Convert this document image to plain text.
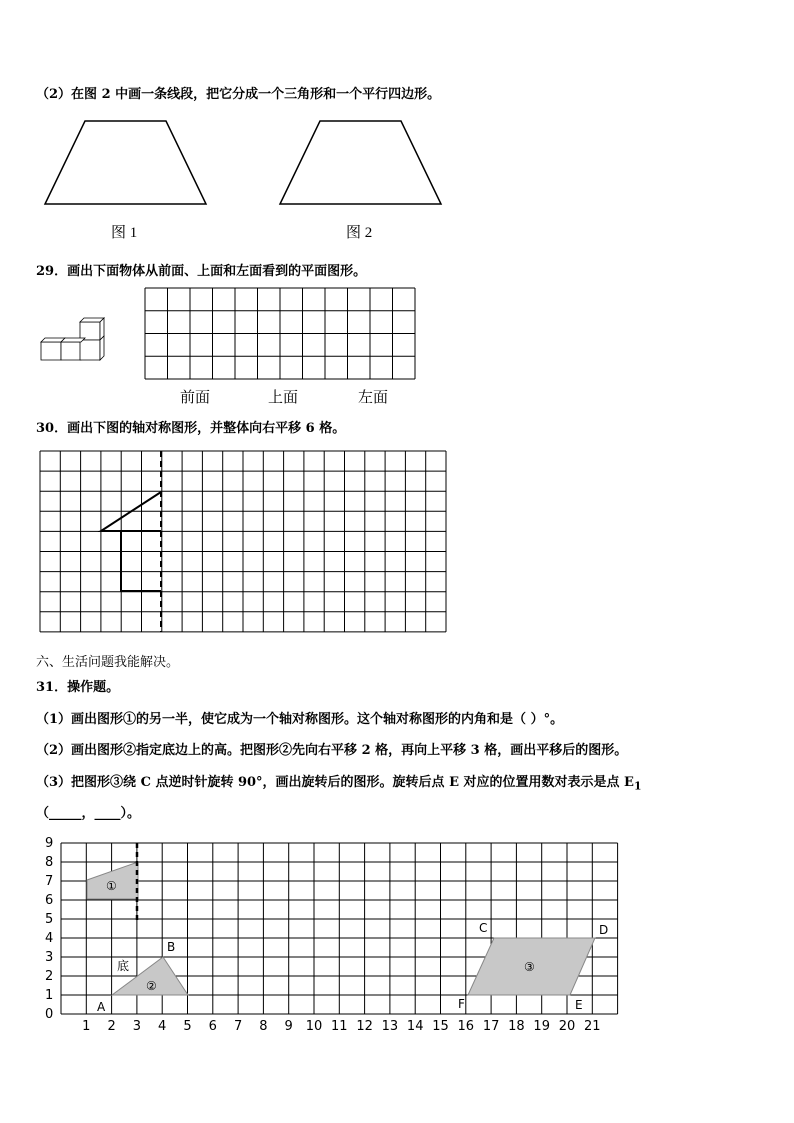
（2）在图 2 中画一条线段，把它分成一个三角形和一个平行四边形。
29．画出下面物体从前面、上面和左面看到的平面图形。
30．画出下图的轴对称图形，并整体向右平移 6 格。
六、生活问题我能解决。
31．操作题。
（1）画出图形①的另一半，使它成为一个轴对称图形。这个轴对称图形的内角和是（ ）°。
（2）画出图形②指定底边上的高。把图形②先向右平移 2 格，再向上平移 3 格，画出平移后的图形。
（3）把图形③绕 C 点逆时针旋转 90°，画出旋转后的图形。旋转后点 E 对应的位置用数对表示是点 $E_1$
（_____，____）。
图 1	图 2
前面	上面	左面
0
1
2
3
4
5
6
7
8
9
1 2 3 4 5 6 7 8 9 10 11 12 13 14 15 16 17 18 19 20 21
①
②
底
A
B
③
C	D
E
F
